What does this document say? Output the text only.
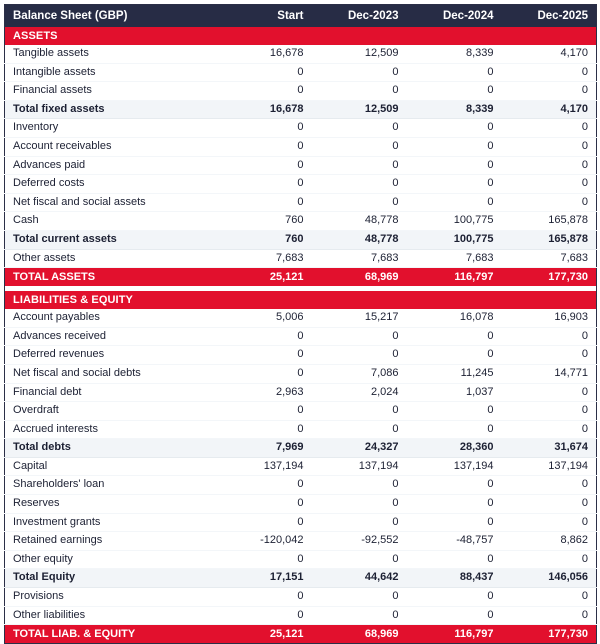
Balance Sheet (GBP)	Start	Dec-2023	Dec-2024	Dec-2025
ASSETS				
Tangible assets	16,678	12,509	8,339	4,170
Intangible assets	0	0	0	0
Financial assets	0	0	0	0
Total fixed assets	16,678	12,509	8,339	4,170
Inventory	0	0	0	0
Account receivables	0	0	0	0
Advances paid	0	0	0	0
Deferred costs	0	0	0	0
Net fiscal and social assets	0	0	0	0
Cash	760	48,778	100,775	165,878
Total current assets	760	48,778	100,775	165,878
Other assets	7,683	7,683	7,683	7,683
TOTAL ASSETS	25,121	68,969	116,797	177,730

LIABILITIES & EQUITY				
Account payables	5,006	15,217	16,078	16,903
Advances received	0	0	0	0
Deferred revenues	0	0	0	0
Net fiscal and social debts	0	7,086	11,245	14,771
Financial debt	2,963	2,024	1,037	0
Overdraft	0	0	0	0
Accrued interests	0	0	0	0
Total debts	7,969	24,327	28,360	31,674
Capital	137,194	137,194	137,194	137,194
Shareholders' loan	0	0	0	0
Reserves	0	0	0	0
Investment grants	0	0	0	0
Retained earnings	-120,042	-92,552	-48,757	8,862
Other equity	0	0	0	0
Total Equity	17,151	44,642	88,437	146,056
Provisions	0	0	0	0
Other liabilities	0	0	0	0
TOTAL LIAB. & EQUITY	25,121	68,969	116,797	177,730
